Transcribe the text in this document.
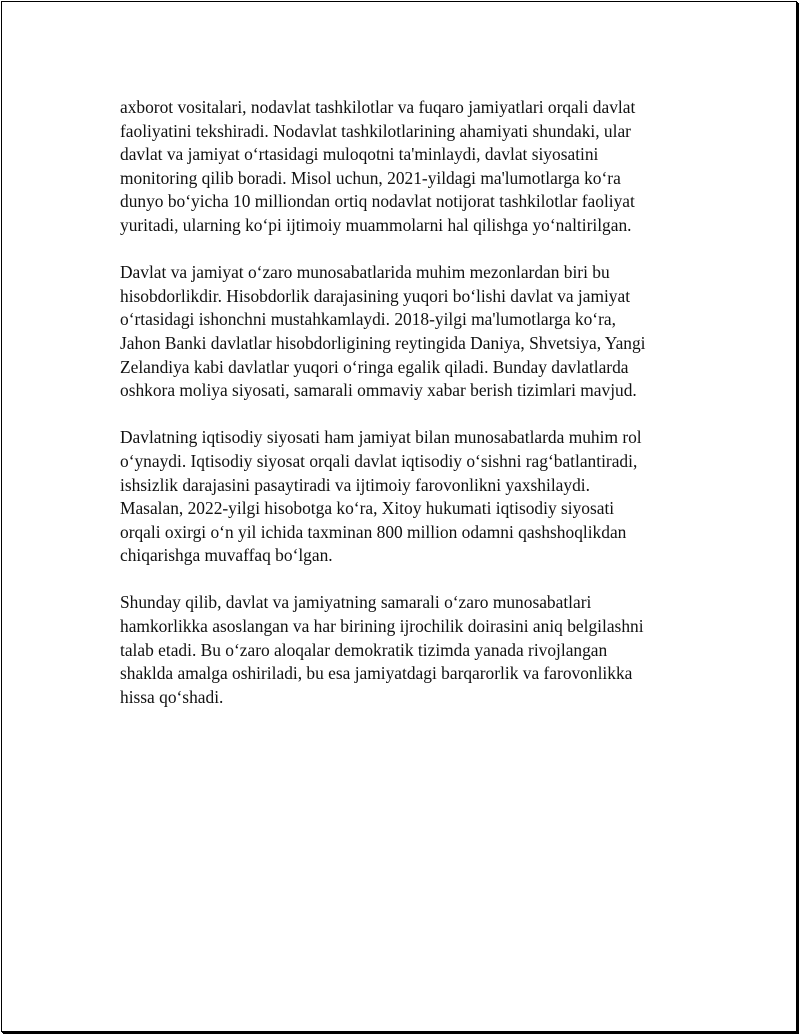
axborot vositalari, nodavlat tashkilotlar va fuqaro jamiyatlari orqali davlat
faoliyatini tekshiradi. Nodavlat tashkilotlarining ahamiyati shundaki, ular
davlat va jamiyat oʻrtasidagi muloqotni ta'minlaydi, davlat siyosatini
monitoring qilib boradi. Misol uchun, 2021-yildagi ma'lumotlarga koʻra
dunyo boʻyicha 10 milliondan ortiq nodavlat notijorat tashkilotlar faoliyat
yuritadi, ularning koʻpi ijtimoiy muammolarni hal qilishga yoʻnaltirilgan.

Davlat va jamiyat oʻzaro munosabatlarida muhim mezonlardan biri bu
hisobdorlikdir. Hisobdorlik darajasining yuqori boʻlishi davlat va jamiyat
oʻrtasidagi ishonchni mustahkamlaydi. 2018-yilgi ma'lumotlarga koʻra,
Jahon Banki davlatlar hisobdorligining reytingida Daniya, Shvetsiya, Yangi
Zelandiya kabi davlatlar yuqori oʻringa egalik qiladi. Bunday davlatlarda
oshkora moliya siyosati, samarali ommaviy xabar berish tizimlari mavjud.

Davlatning iqtisodiy siyosati ham jamiyat bilan munosabatlarda muhim rol
oʻynaydi. Iqtisodiy siyosat orqali davlat iqtisodiy oʻsishni ragʻbatlantiradi,
ishsizlik darajasini pasaytiradi va ijtimoiy farovonlikni yaxshilaydi.
Masalan, 2022-yilgi hisobotga koʻra, Xitoy hukumati iqtisodiy siyosati
orqali oxirgi oʻn yil ichida taxminan 800 million odamni qashshoqlikdan
chiqarishga muvaffaq boʻlgan.

Shunday qilib, davlat va jamiyatning samarali oʻzaro munosabatlari
hamkorlikka asoslangan va har birining ijrochilik doirasini aniq belgilashni
talab etadi. Bu oʻzaro aloqalar demokratik tizimda yanada rivojlangan
shaklda amalga oshiriladi, bu esa jamiyatdagi barqarorlik va farovonlikka
hissa qoʻshadi.
